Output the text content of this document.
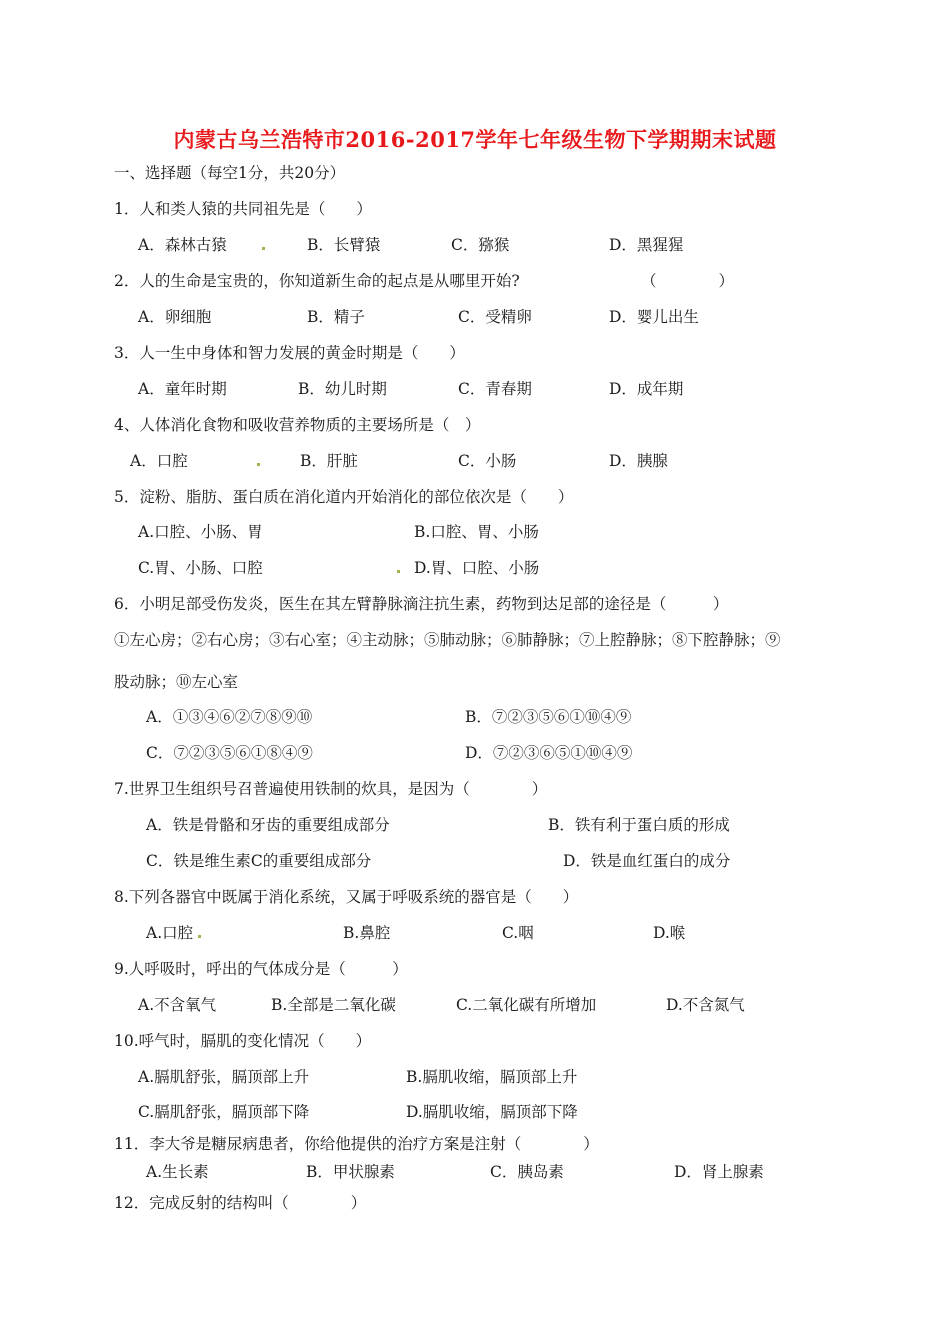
内蒙古乌兰浩特市2016-2017学年七年级生物下学期期末试题
一、选择题（每空1分，共20分）
1．人和类人猿的共同祖先是（　　）
A．森林古猿	B．长臂猿	C．猕猴	D．黑猩猩
2．人的生命是宝贵的，你知道新生命的起点是从哪里开始?	（　　　　）
A．卵细胞	B．精子	C．受精卵	D．婴儿出生
3．人一生中身体和智力发展的黄金时期是（　　）
A．童年时期	B．幼儿时期	C．青春期	D．成年期
4、人体消化食物和吸收营养物质的主要场所是（　）
A．口腔	B．肝脏	C．小肠	D．胰腺
5．淀粉、脂肪、蛋白质在消化道内开始消化的部位依次是（　　）
A.口腔、小肠、胃	B.口腔、胃、小肠
C.胃、小肠、口腔	D.胃、口腔、小肠
6．小明足部受伤发炎，医生在其左臂静脉滴注抗生素，药物到达足部的途径是（　　　）
①左心房；②右心房；③右心室；④主动脉；⑤肺动脉；⑥肺静脉；⑦上腔静脉；⑧下腔静脉；⑨
股动脉；⑩左心室
A．①③④⑥②⑦⑧⑨⑩	B．⑦②③⑤⑥①⑩④⑨
C．⑦②③⑤⑥①⑧④⑨	D．⑦②③⑥⑤①⑩④⑨
7.世界卫生组织号召普遍使用铁制的炊具，是因为（　　　　）
A．铁是骨骼和牙齿的重要组成部分	B．铁有利于蛋白质的形成
C．铁是维生素C的重要组成部分	D．铁是血红蛋白的成分
8.下列各器官中既属于消化系统，又属于呼吸系统的器官是（　　）
A.口腔	B.鼻腔	C.咽	D.喉
9.人呼吸时，呼出的气体成分是（　　　）
A.不含氧气	B.全部是二氧化碳	C.二氧化碳有所增加	D.不含氮气
10.呼气时，膈肌的变化情况（　　）
A.膈肌舒张，膈顶部上升	B.膈肌收缩，膈顶部上升
C.膈肌舒张，膈顶部下降	D.膈肌收缩，膈顶部下降
11．李大爷是糖尿病患者，你给他提供的治疗方案是注射（　　　　）
A.生长素	B．甲状腺素	C．胰岛素	D．肾上腺素
12．完成反射的结构叫（　　　　）
